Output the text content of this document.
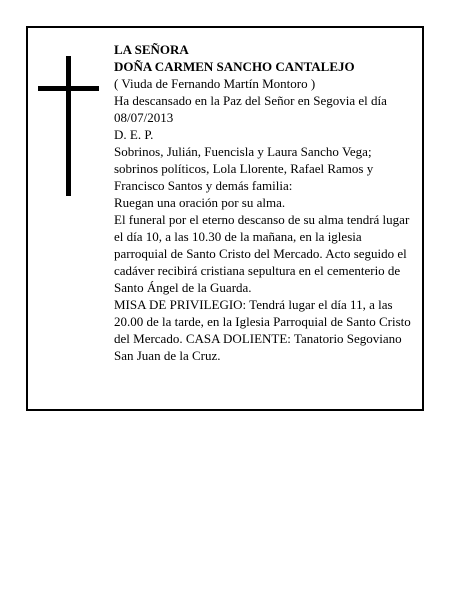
LA SEÑORA

DOÑA CARMEN SANCHO CANTALEJO

( Viuda de Fernando Martín Montoro )

Ha descansado en la Paz del Señor en Segovia el día 08/07/2013

D. E. P.

Sobrinos, Julián, Fuencisla y Laura Sancho Vega; sobrinos políticos, Lola Llorente, Rafael Ramos y Francisco Santos y demás familia:

Ruegan una oración por su alma.

El funeral por el eterno descanso de su alma tendrá lugar el día 10, a las 10.30 de la mañana, en la iglesia parroquial de Santo Cristo del Mercado. Acto seguido el cadáver recibirá cristiana sepultura en el cementerio de Santo Ángel de la Guarda.

MISA DE PRIVILEGIO: Tendrá lugar el día 11, a las 20.00 de la tarde, en la Iglesia Parroquial de Santo Cristo del Mercado. CASA DOLIENTE: Tanatorio Segoviano San Juan de la Cruz.
